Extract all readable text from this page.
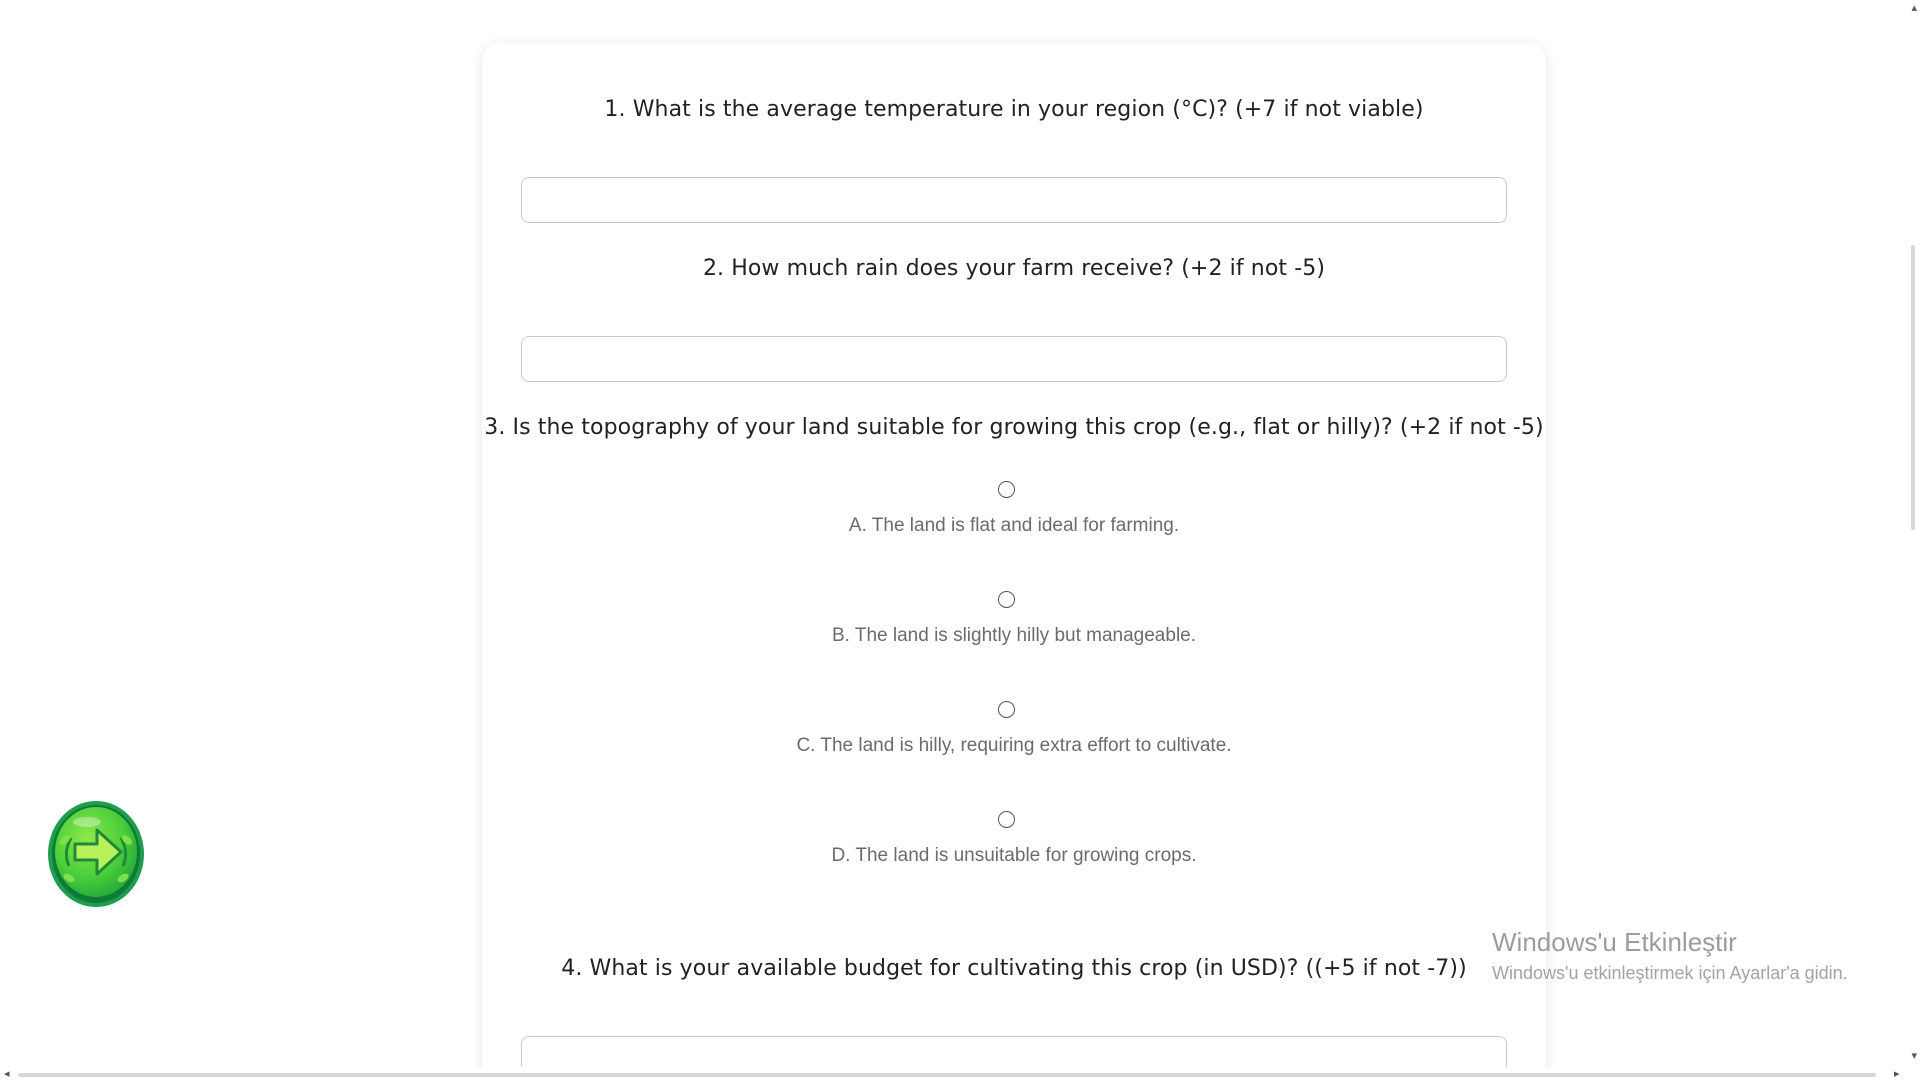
1. What is the average temperature in your region (°C)? (+7 if not viable)
2. How much rain does your farm receive? (+2 if not -5)
3. Is the topography of your land suitable for growing this crop (e.g., flat or hilly)? (+2 if not -5)
A. The land is flat and ideal for farming.
B. The land is slightly hilly but manageable.
C. The land is hilly, requiring extra effort to cultivate.
D. The land is unsuitable for growing crops.
4. What is your available budget for cultivating this crop (in USD)? ((+5 if not -7))
Windows'u Etkinleştir
Windows'u etkinleştirmek için Ayarlar'a gidin.
▴
▾
◂	▸
